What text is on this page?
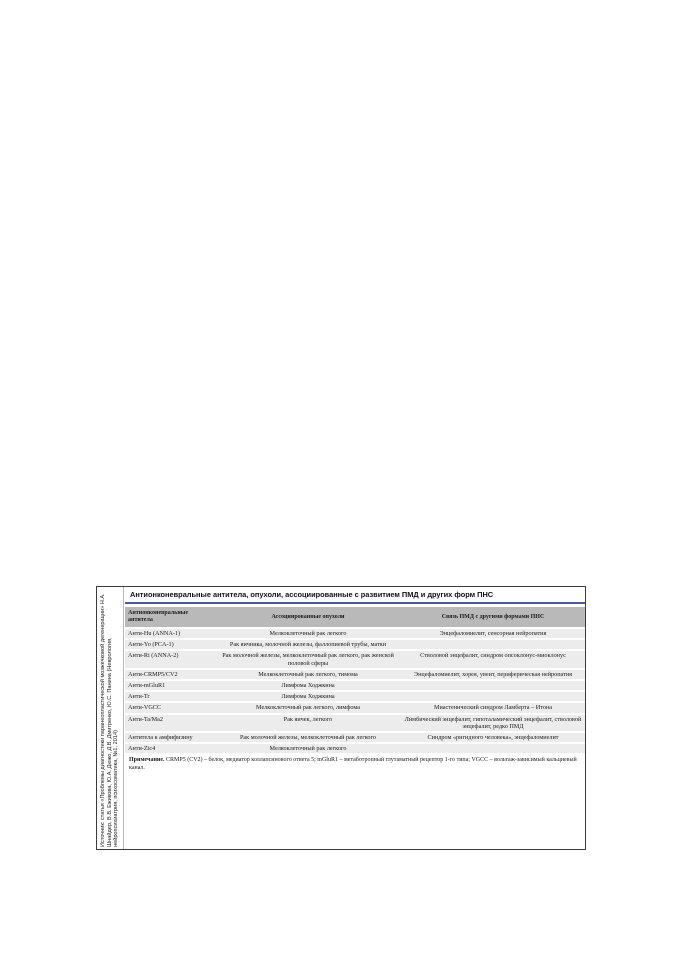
Источник: статья «Проблемы диагностики паранеопластической мозжечковой дегенерации» Н.А. Шнайдер, В.В. Ежикова, Ю.А. Дюжо, Д.В. Дмитренко, Ю.С. Панина (Неврология, нейропсихиатрия, психосоматика, №1, 2014)
Антионконевральные антитела, опухоли, ассоциированные с развитием ПМД и других форм ПНС
Антионконевральные антитела	Ассоциированные опухоли	Связь ПМД с другими формами ПНС
Анти-Hu (ANNA-1)	Мелкоклеточный рак легкого	Энцефаломиелит, сенсорная нейропатия
Анти-Yo (PCA-1)	Рак яичника, молочной железы, фаллопиевой трубы, матки	
Анти-Ri (ANNA-2)	Рак молочной железы, мелкоклеточный рак легкого, рак женской половой сферы	Стволовой энцефалит, синдром опсоклонус-миоклонус
Анти-CRMP5/CV2	Мелкоклеточный рак легкого, тимома	Энцефаломиелит, хорея, увеит, периферическая нейропатия
Анти-mGluR1	Лимфома Ходжкина	
Анти-Tr	Лимфома Ходжкина	
Анти-VGCC	Мелкоклеточный рак легкого, лимфома	Миастенический синдром Ламберта – Итона
Анти-Ta/Ma2	Рак яичек, легкого	Лимбический энцефалит, гипоталамический энцефалит, стволовой энцефалит, редко ПМД
Антитела к амфифизину	Рак молочной железы, мелкоклеточный рак легкого	Синдром «ригидного человека», энцефаломиелит
Анти-Zic4	Мелкоклеточный рак легкого	
Примечание. CRMP5 (CV2) – белок, медиатор коллапсинового ответа 5; mGluR1 – метаботропный глутаматный рецептор 1-го типа; VGCC – вольтаж-зависимый кальциевый канал.
